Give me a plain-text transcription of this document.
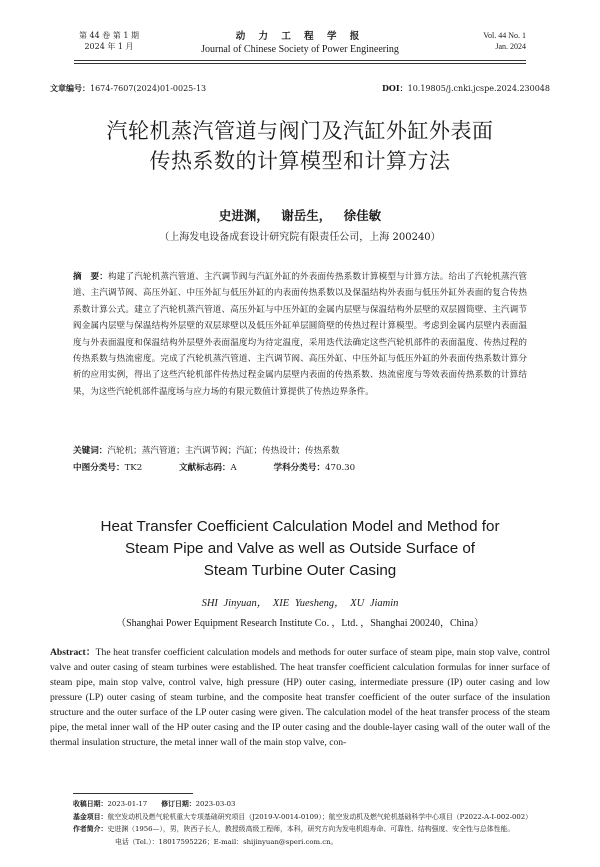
第 44 卷 第 1 期
2024 年 1 月
动 力 工 程 学 报
Journal of Chinese Society of Power Engineering
Vol. 44 No. 1
Jan. 2024
文章编号：1674-7607(2024)01-0025-13	DOI：10.19805/j.cnki.jcspe.2024.230048
汽轮机蒸汽管道与阀门及汽缸外缸外表面
传热系数的计算模型和计算方法
史进渊， 谢岳生， 徐佳敏
（上海发电设备成套设计研究院有限责任公司，上海 200240）
摘　要：构建了汽轮机蒸汽管道、主汽调节阀与汽缸外缸的外表面传热系数计算模型与计算方法。给出了汽轮机蒸汽管道、主汽调节阀、高压外缸、中压外缸与低压外缸的内表面传热系数以及保温结构外表面与低压外缸外表面的复合传热系数计算公式。建立了汽轮机蒸汽管道、高压外缸与中压外缸的金属内层壁与保温结构外层壁的双层圆筒壁、主汽调节阀金属内层壁与保温结构外层壁的双层球壁以及低压外缸单层圆筒壁的传热过程计算模型。考虑到金属内层壁内表面温度与外表面温度和保温结构外层壁外表面温度均为待定温度，采用迭代法确定这些汽轮机部件的表面温度、传热过程的传热系数与热流密度。完成了汽轮机蒸汽管道、主汽调节阀、高压外缸、中压外缸与低压外缸的外表面传热系数计算分析的应用实例，得出了这些汽轮机部件传热过程金属内层壁内表面的传热系数、热流密度与等效表面传热系数的计算结果，为这些汽轮机部件温度场与应力场的有限元数值计算提供了传热边界条件。
关键词：汽轮机；蒸汽管道；主汽调节阀；汽缸；传热设计；传热系数
中图分类号：TK2	文献标志码：A	学科分类号：470.30
Heat Transfer Coefficient Calculation Model and Method for
Steam Pipe and Valve as well as Outside Surface of
Steam Turbine Outer Casing
SHI Jinyuan， XIE Yuesheng， XU Jiamin
（Shanghai Power Equipment Research Institute Co．，Ltd．，Shanghai 200240，China）
Abstract：The heat transfer coefficient calculation models and methods for outer surface of steam pipe, main stop valve, control valve and outer casing of steam turbines were established. The heat transfer coefficient calculation formulas for inner surface of steam pipe, main stop valve, control valve, high pressure (HP) outer casing, intermediate pressure (IP) outer casing and low pressure (LP) outer casing of steam turbine, and the composite heat transfer coefficient of the outer surface of the insulation structure and the outer surface of the LP outer casing were given. The calculation model of the heat transfer process of the steam pipe, the metal inner wall of the HP outer casing and the IP outer casing and the double-layer casing wall of the outer wall of the thermal insulation structure, the metal inner wall of the main stop valve, con-
收稿日期：2023-01-17 修订日期：2023-03-03
基金项目：航空发动机及燃气轮机重大专项基础研究项目（J2019-V-0014-0109）；航空发动机及燃气轮机基础科学中心项目（P2022-A-I-002-002）
作者简介：史进渊（1956—），男，陕西子长人，教授级高级工程师，本科，研究方向为发电机组寿命、可靠性、结构强度、安全性与总体性能。
电话（Tel.）：18017595226；E-mail：shijinyuan@speri.com.cn。
